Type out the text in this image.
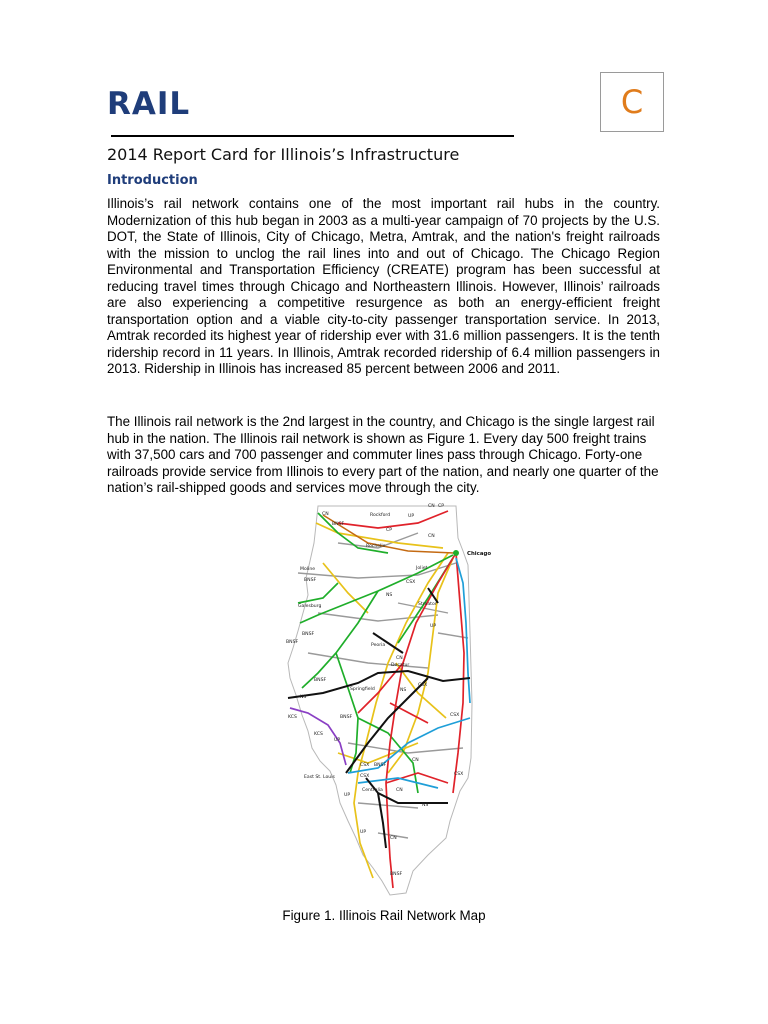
RAIL	C
2014 Report Card for Illinois’s Infrastructure
Introduction

Illinois’s rail network contains one of the most important rail hubs in the country. Modernization of this hub began in 2003 as a multi-year campaign of 70 projects by the U.S. DOT, the State of Illinois, City of Chicago, Metra, Amtrak, and the nation's freight railroads with the mission to unclog the rail lines into and out of Chicago. The Chicago Region Environmental and Transportation Efficiency (CREATE) program has been successful at reducing travel times through Chicago and Northeastern Illinois. However, Illinois’ railroads are also experiencing a competitive resurgence as both an energy-efficient freight transportation option and a viable city-to-city passenger transportation service. In 2013, Amtrak recorded its highest year of ridership ever with 31.6 million passengers. It is the tenth ridership record in 11 years. In Illinois, Amtrak recorded ridership of 6.4 million passengers in 2013. Ridership in Illinois has increased 85 percent between 2006 and 2011.

The Illinois rail network is the 2nd largest in the country, and Chicago is the single largest rail hub in the nation. The Illinois rail network is shown as Figure 1. Every day 500 freight trains with 37,500 cars and 700 passenger and commuter lines pass through Chicago. Forty-one railroads provide service from Illinois to every part of the nation, and nearly one quarter of the nation’s rail-shipped goods and services move through the city.

Chicago
Rockford
Rochelle
Moline	Joliet
Galesburg	Streator
Peoria
Springfield
Decatur
East St. Louis
Centralia
CN CP
CN	UP
BNSF
CP
CN
BNSF	CSX
NS
BNSF
UP
CN
BNSF
BNSF
NS
CSX
NS
KCS	BNSF	CSX
KCS
UP
CSX BNSF
CSX
CN
CSX
UP
NS
CN
UP
CN
BNSF
Figure 1. Illinois Rail Network Map
